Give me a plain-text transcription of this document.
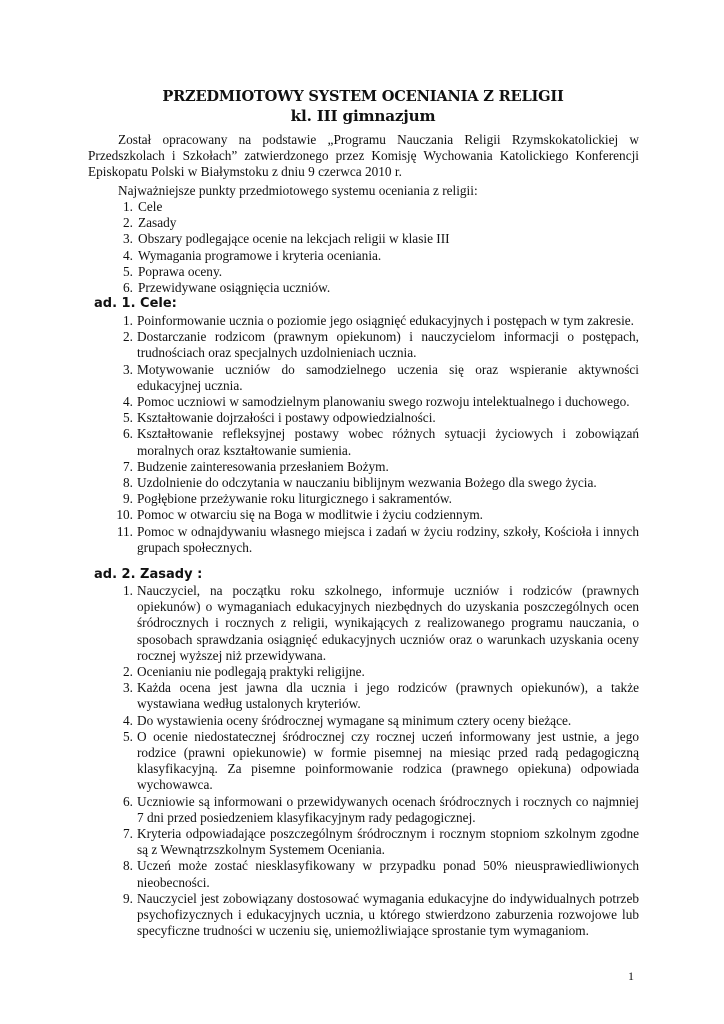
PRZEDMIOTOWY SYSTEM OCENIANIA Z RELIGII
kl. III gimnazjum

Został opracowany na podstawie „Programu Nauczania Religii Rzymskokatolickiej w Przedszkolach i Szkołach” zatwierdzonego przez Komisję Wychowania Katolickiego Konferencji Episkopatu Polski w Białymstoku z dniu 9 czerwca 2010 r.

Najważniejsze punkty przedmiotowego systemu oceniania z religii:

1. Cele
2. Zasady
3. Obszary podlegające ocenie na lekcjach religii w klasie III
4. Wymagania programowe i kryteria oceniania.
5. Poprawa oceny.
6. Przewidywane osiągnięcia uczniów.

ad. 1. Cele:

1. Poinformowanie ucznia o poziomie jego osiągnięć edukacyjnych i postępach w tym zakresie.
2. Dostarczanie rodzicom (prawnym opiekunom) i nauczycielom informacji o postępach, trudnościach oraz specjalnych uzdolnieniach ucznia.
3. Motywowanie uczniów do samodzielnego uczenia się oraz wspieranie aktywności edukacyjnej ucznia.
4. Pomoc uczniowi w samodzielnym planowaniu swego rozwoju intelektualnego i duchowego.
5. Kształtowanie dojrzałości i postawy odpowiedzialności.
6. Kształtowanie refleksyjnej postawy wobec różnych sytuacji życiowych i zobowiązań moralnych oraz kształtowanie sumienia.
7. Budzenie zainteresowania przesłaniem Bożym.
8. Uzdolnienie do odczytania w nauczaniu biblijnym wezwania Bożego dla swego życia.
9. Pogłębione przeżywanie roku liturgicznego i sakramentów.
10. Pomoc w otwarciu się na Boga w modlitwie i życiu codziennym.
11. Pomoc w odnajdywaniu własnego miejsca i zadań w życiu rodziny, szkoły, Kościoła i innych grupach społecznych.

ad. 2. Zasady :

1. Nauczyciel, na początku roku szkolnego, informuje uczniów i rodziców (prawnych opiekunów) o wymaganiach edukacyjnych niezbędnych do uzyskania poszczególnych ocen śródrocznych i rocznych z religii, wynikających z realizowanego programu nauczania, o sposobach sprawdzania osiągnięć edukacyjnych uczniów oraz o warunkach uzyskania oceny rocznej wyższej niż przewidywana.
2. Ocenianiu nie podlegają praktyki religijne.
3. Każda ocena jest jawna dla ucznia i jego rodziców (prawnych opiekunów), a także wystawiana według ustalonych kryteriów.
4. Do wystawienia oceny śródrocznej wymagane są minimum cztery oceny bieżące.
5. O ocenie niedostatecznej śródrocznej czy rocznej uczeń informowany jest ustnie, a jego rodzice (prawni opiekunowie) w formie pisemnej na miesiąc przed radą pedagogiczną klasyfikacyjną. Za pisemne poinformowanie rodzica (prawnego opiekuna) odpowiada wychowawca.
6. Uczniowie są informowani o przewidywanych ocenach śródrocznych i rocznych co najmniej 7 dni przed posiedzeniem klasyfikacyjnym rady pedagogicznej.
7. Kryteria odpowiadające poszczególnym śródrocznym i rocznym stopniom szkolnym zgodne są z Wewnątrzszkolnym Systemem Oceniania.
8. Uczeń może zostać niesklasyfikowany w przypadku ponad 50% nieusprawiedliwionych nieobecności.
9. Nauczyciel jest zobowiązany dostosować wymagania edukacyjne do indywidualnych potrzeb psychofizycznych i edukacyjnych ucznia, u którego stwierdzono zaburzenia rozwojowe lub specyficzne trudności w uczeniu się, uniemożliwiające sprostanie tym wymaganiom.
1
